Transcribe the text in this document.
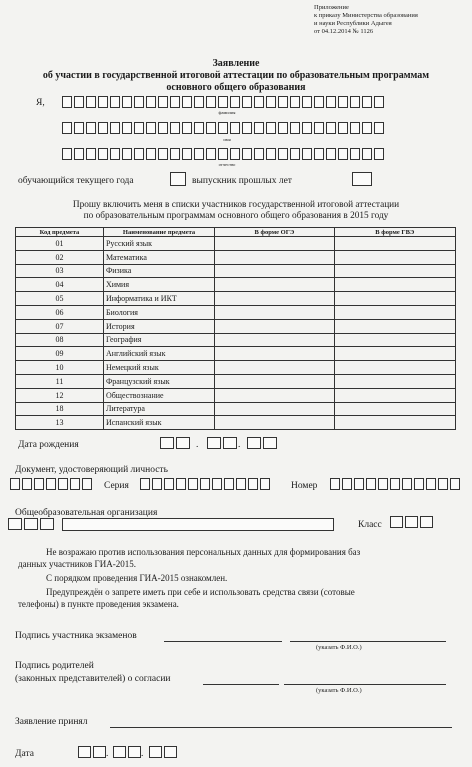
Приложение
к приказу Министерства образования
и науки Республики Адыгея
от 04.12.2014 № 1126
Заявление
об участии в государственной итоговой аттестации по образовательным программам
основного общего образования
Я,
фамилия
имя
отчество
обучающийся текущего года	выпускник прошлых лет
Прошу включить меня в списки участников государственной итоговой аттестации
по образовательным программам основного общего образования в 2015 году
Код предмета	Наименование предмета	В форме ОГЭ	В форме ГВЭ
01	Русский язык		
02	Математика		
03	Физика		
04	Химия		
05	Информатика и ИКТ		
06	Биология		
07	История		
08	География		
09	Английский язык		
10	Немецкий язык		
11	Французский язык		
12	Обществознание		
18	Литература		
13	Испанский язык		
Дата рождения	.	.
Документ, удостоверяющий личность
Серия	Номер
Общеобразовательная организация
Класс
Не возражаю против использования персональных данных для формирования баз
данных участников ГИА-2015.
С порядком проведения ГИА-2015 ознакомлен.
Предупреждён о запрете иметь при себе и использовать средства связи (сотовые
телефоны) в пункте проведения экзамена.
Подпись участника экзаменов
(указать Ф.И.О.)
Подпись родителей
(законных представителей) о согласии
(указать Ф.И.О.)
Заявление принял
Дата	.	.
